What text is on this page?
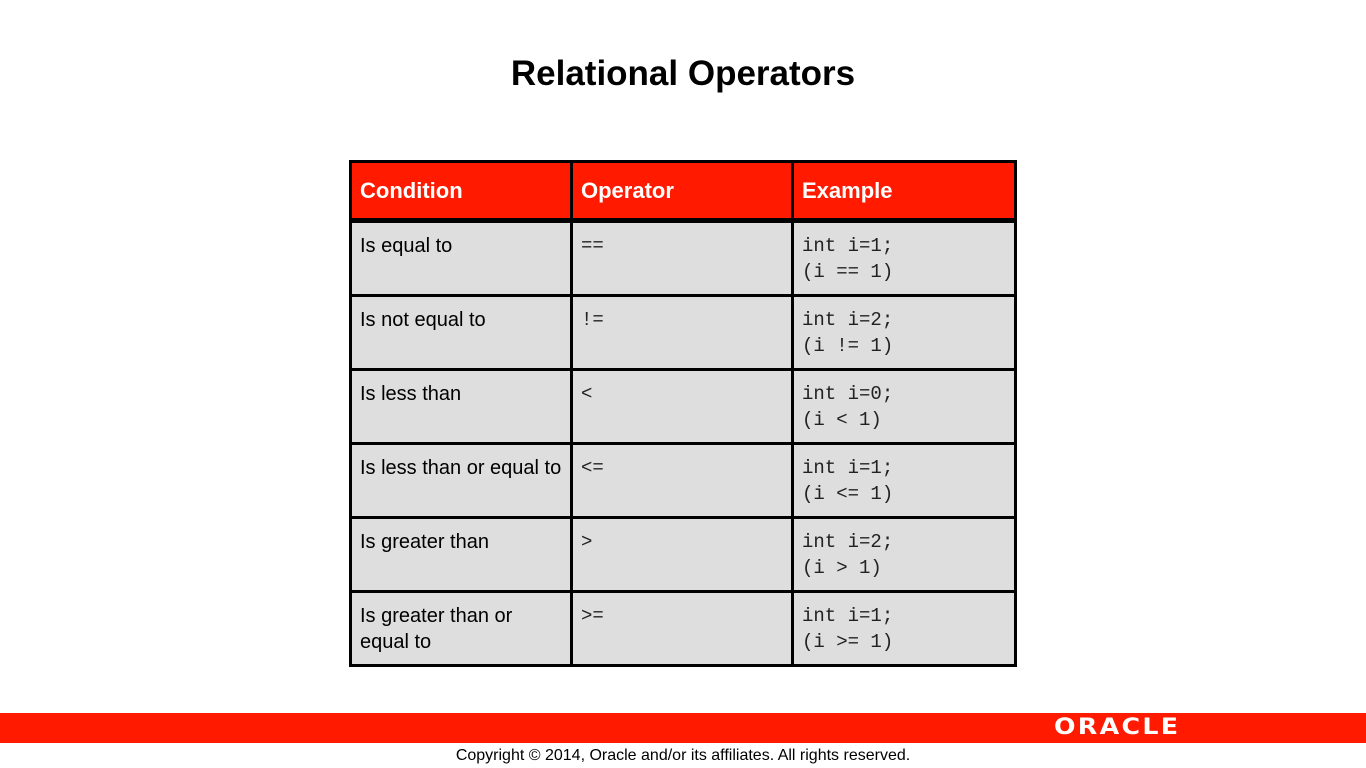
Relational Operators
Condition	Operator	Example
Is equal to	==	int i=1;
(i == 1)

Is not equal to	!=	int i=2;
(i != 1)

Is less than	<	int i=0;
(i < 1)

Is less than or equal to	<=	int i=1;
(i <= 1)

Is greater than	>	int i=2;
(i > 1)

Is greater than or equal to	>=	int i=1;
(i >= 1)
ORACLE
Copyright © 2014, Oracle and/or its affiliates. All rights reserved.
